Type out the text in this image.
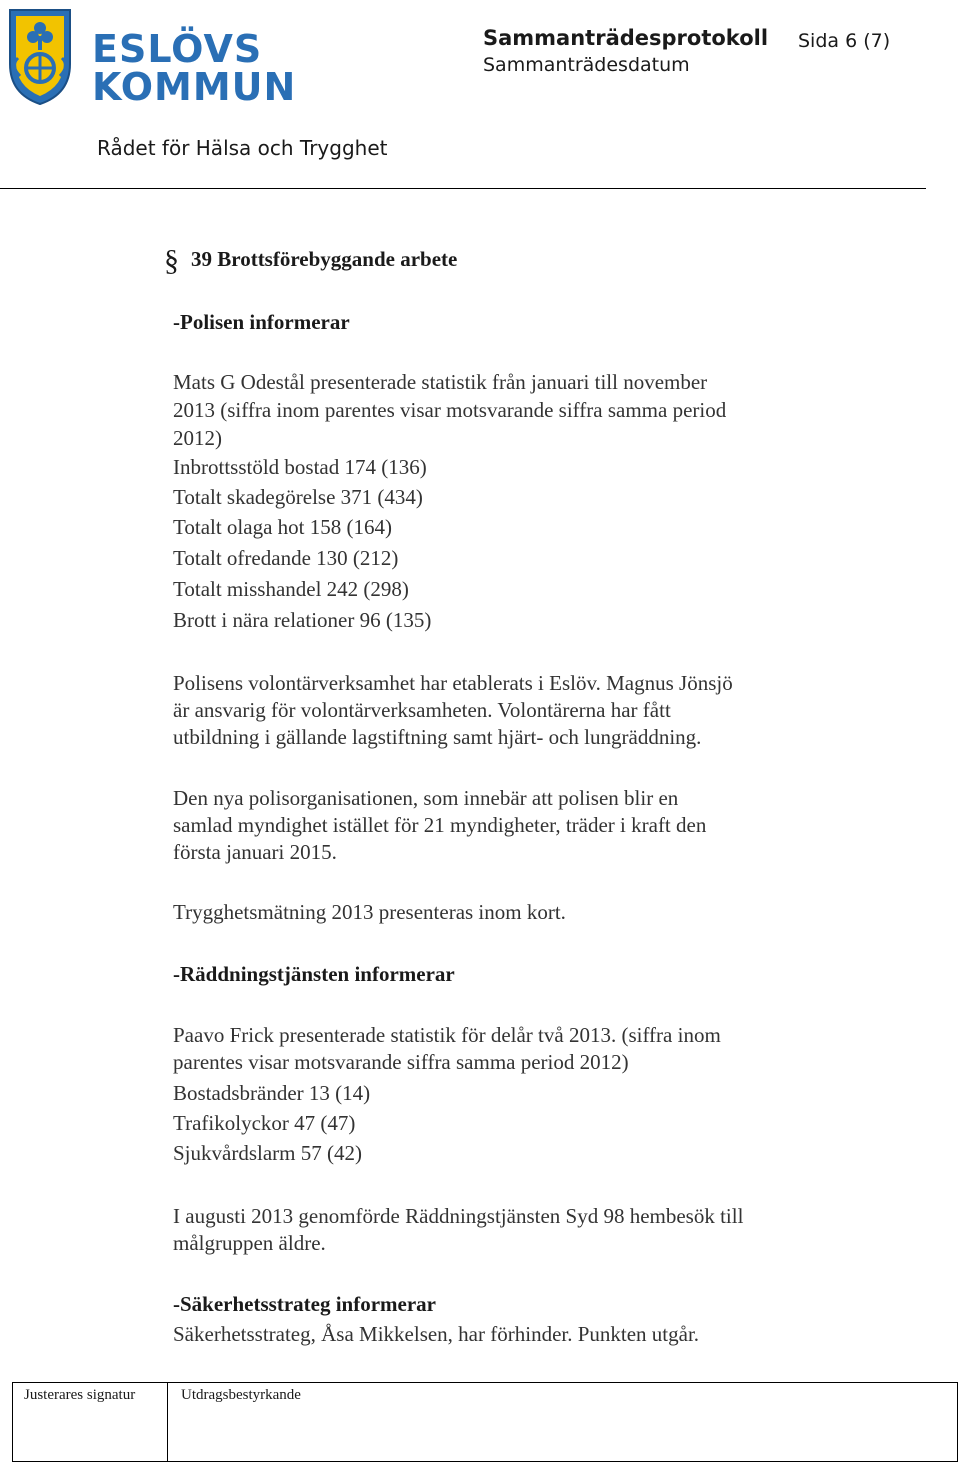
ESLÖVS
KOMMUN
Sammanträdesprotokoll Sida 6 (7)
Sammanträdesdatum
Rådet för Hälsa och Trygghet
§ 39 Brottsförebyggande arbete
-Polisen informerar
Mats G Odestål presenterade statistik från januari till november
2013 (siffra inom parentes visar motsvarande siffra samma period
2012)
Inbrottsstöld bostad 174 (136)
Totalt skadegörelse 371 (434)
Totalt olaga hot 158 (164)
Totalt ofredande 130 (212)
Totalt misshandel 242 (298)
Brott i nära relationer 96 (135)
Polisens volontärverksamhet har etablerats i Eslöv. Magnus Jönsjö
är ansvarig för volontärverksamheten. Volontärerna har fått
utbildning i gällande lagstiftning samt hjärt- och lungräddning.
Den nya polisorganisationen, som innebär att polisen blir en
samlad myndighet istället för 21 myndigheter, träder i kraft den
första januari 2015.
Trygghetsmätning 2013 presenteras inom kort.
-Räddningstjänsten informerar
Paavo Frick presenterade statistik för delår två 2013. (siffra inom
parentes visar motsvarande siffra samma period 2012)
Bostadsbränder 13 (14)
Trafikolyckor 47 (47)
Sjukvårdslarm 57 (42)
I augusti 2013 genomförde Räddningstjänsten Syd 98 hembesök till
målgruppen äldre.
-Säkerhetsstrateg informerar
Säkerhetsstrateg, Åsa Mikkelsen, har förhinder. Punkten utgår.
Justerares signatur	Utdragsbestyrkande
